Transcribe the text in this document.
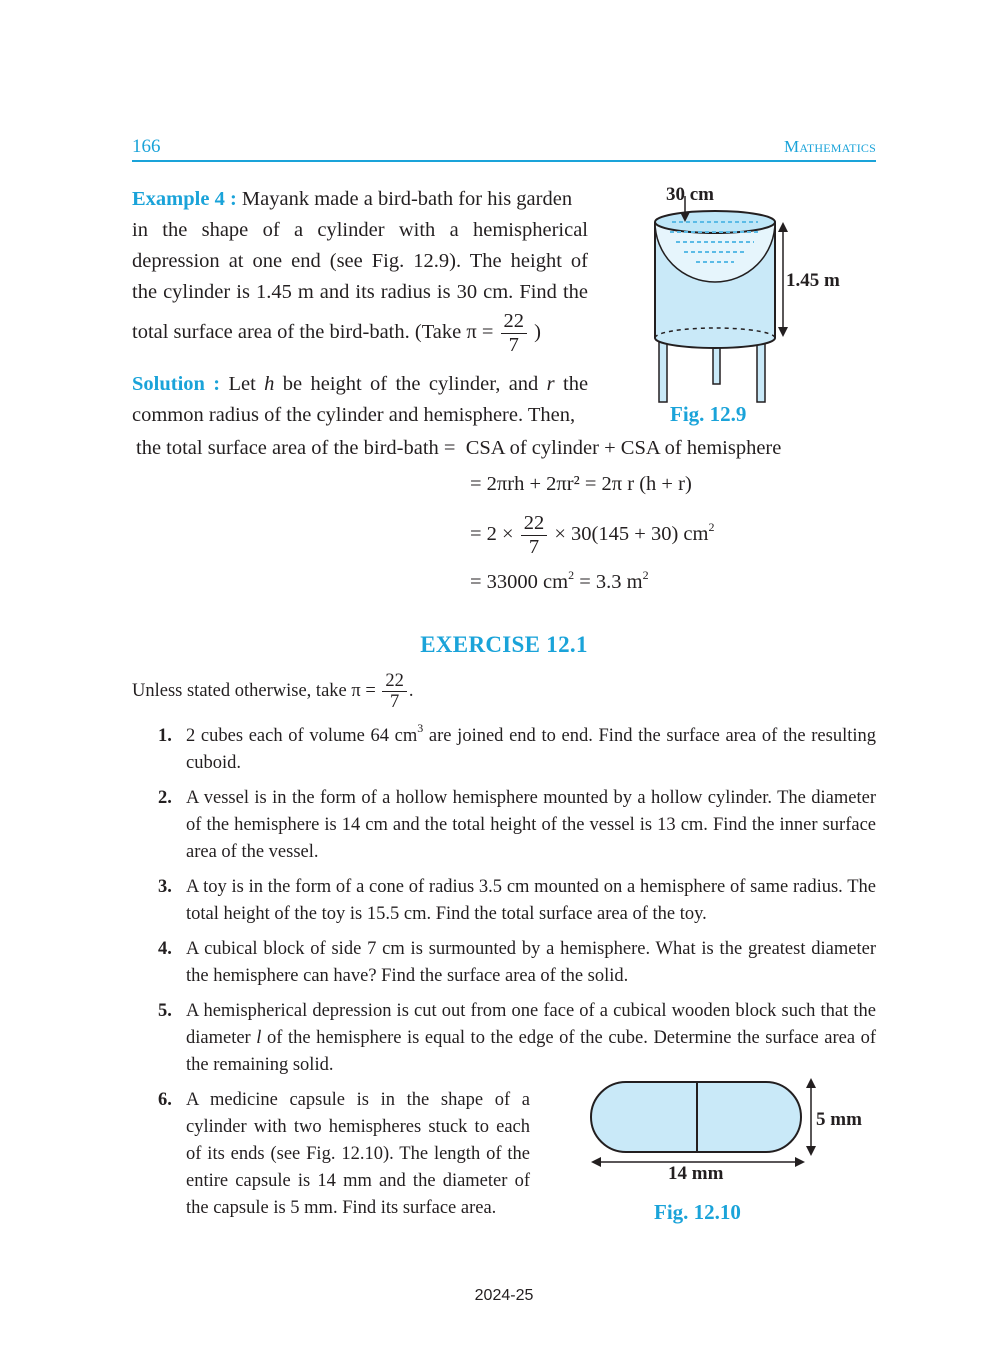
166	Mathematics
Example 4 : Mayank made a bird-bath for his garden
in the shape of a cylinder with a hemispherical
depression at one end (see Fig. 12.9). The height of
the cylinder is 1.45 m and its radius is 30 cm. Find the
total surface area of the bird-bath. (Take $\pi = \frac{22}{7}$ )
Solution : Let h be height of the cylinder, and r the
common radius of the cylinder and hemisphere. Then,
the total surface area of the bird-bath = CSA of cylinder + CSA of hemisphere
= 2πrh + 2πr² = 2π r (h + r)
= $2 \times \frac{22}{7} \times 30(145 + 30)$ $cm^2$
= 33000 $cm^2 = 3.3$ $m^2$
30 cm
1.45 m
Fig. 12.9
EXERCISE 12.1
Unless stated otherwise, take $\pi = \frac{22}{7}$ .
1. 2 cubes each of volume 64 $cm^3$ are joined end to end. Find the surface area of the resulting cuboid.
2. A vessel is in the form of a hollow hemisphere mounted by a hollow cylinder. The diameter of the hemisphere is 14 cm and the total height of the vessel is 13 cm. Find the inner surface area of the vessel.
3. A toy is in the form of a cone of radius 3.5 cm mounted on a hemisphere of same radius. The total height of the toy is 15.5 cm. Find the total surface area of the toy.
4. A cubical block of side 7 cm is surmounted by a hemisphere. What is the greatest diameter the hemisphere can have? Find the surface area of the solid.
5. A hemispherical depression is cut out from one face of a cubical wooden block such that the diameter l of the hemisphere is equal to the edge of the cube. Determine the surface area of the remaining solid.
6. A medicine capsule is in the shape of a cylinder with two hemispheres stuck to each of its ends (see Fig. 12.10). The length of the entire capsule is 14 mm and the diameter of the capsule is 5 mm. Find its surface area.
5 mm
14 mm
Fig. 12.10
2024-25
